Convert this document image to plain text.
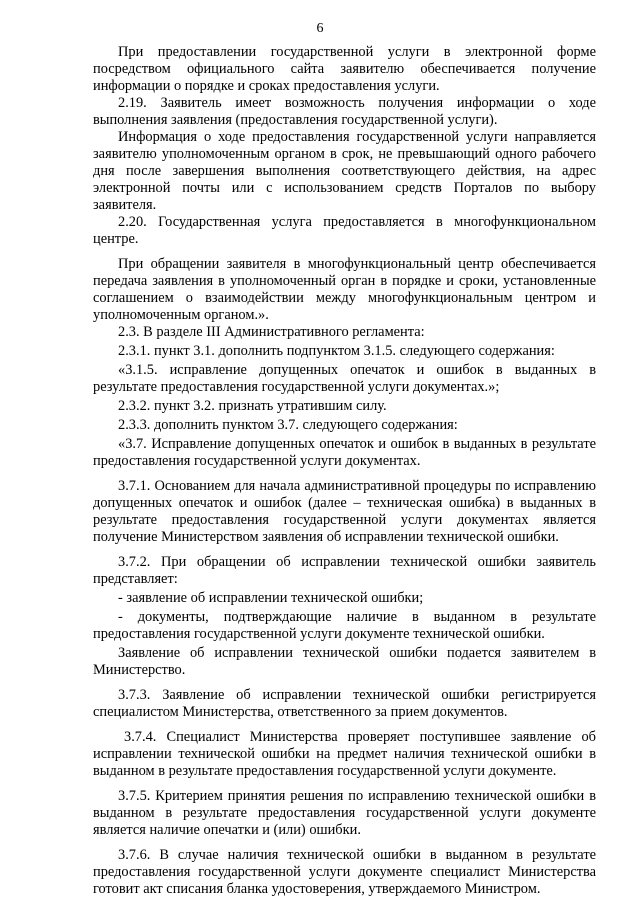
6

При предоставлении государственной услуги в электронной форме посредством официального сайта заявителю обеспечивается получение информации о порядке и сроках предоставления услуги.

2.19. Заявитель имеет возможность получения информации о ходе выполнения заявления (предоставления государственной услуги).

Информация о ходе предоставления государственной услуги направляется заявителю уполномоченным органом в срок, не превышающий одного рабочего дня после завершения выполнения соответствующего действия, на адрес электронной почты или с использованием средств Порталов по выбору заявителя.

2.20. Государственная услуга предоставляется в многофункциональном центре.

При обращении заявителя в многофункциональный центр обеспечивается передача заявления в уполномоченный орган в порядке и сроки, установленные соглашением о взаимодействии между многофункциональным центром и уполномоченным органом.».

2.3. В разделе III Административного регламента:

2.3.1. пункт 3.1. дополнить подпунктом 3.1.5. следующего содержания:

«3.1.5. исправление допущенных опечаток и ошибок в выданных в результате предоставления государственной услуги документах.»;

2.3.2. пункт 3.2. признать утратившим силу.

2.3.3. дополнить пунктом 3.7. следующего содержания:

«3.7. Исправление допущенных опечаток и ошибок в выданных в результате предоставления государственной услуги документах.

3.7.1. Основанием для начала административной процедуры по исправлению допущенных опечаток и ошибок (далее – техническая ошибка) в выданных в результате предоставления государственной услуги документах является получение Министерством заявления об исправлении технической ошибки.

3.7.2. При обращении об исправлении технической ошибки заявитель представляет:

- заявление об исправлении технической ошибки;

- документы, подтверждающие наличие в выданном в результате предоставления государственной услуги документе технической ошибки.

Заявление об исправлении технической ошибки подается заявителем в Министерство.

3.7.3. Заявление об исправлении технической ошибки регистрируется специалистом Министерства, ответственного за прием документов.

3.7.4. Специалист Министерства проверяет поступившее заявление об исправлении технической ошибки на предмет наличия технической ошибки в выданном в результате предоставления государственной услуги документе.

3.7.5. Критерием принятия решения по исправлению технической ошибки в выданном в результате предоставления государственной услуги документе является наличие опечатки и (или) ошибки.

3.7.6. В случае наличия технической ошибки в выданном в результате предоставления государственной услуги документе специалист Министерства готовит акт списания бланка удостоверения, утверждаемого Министром.
